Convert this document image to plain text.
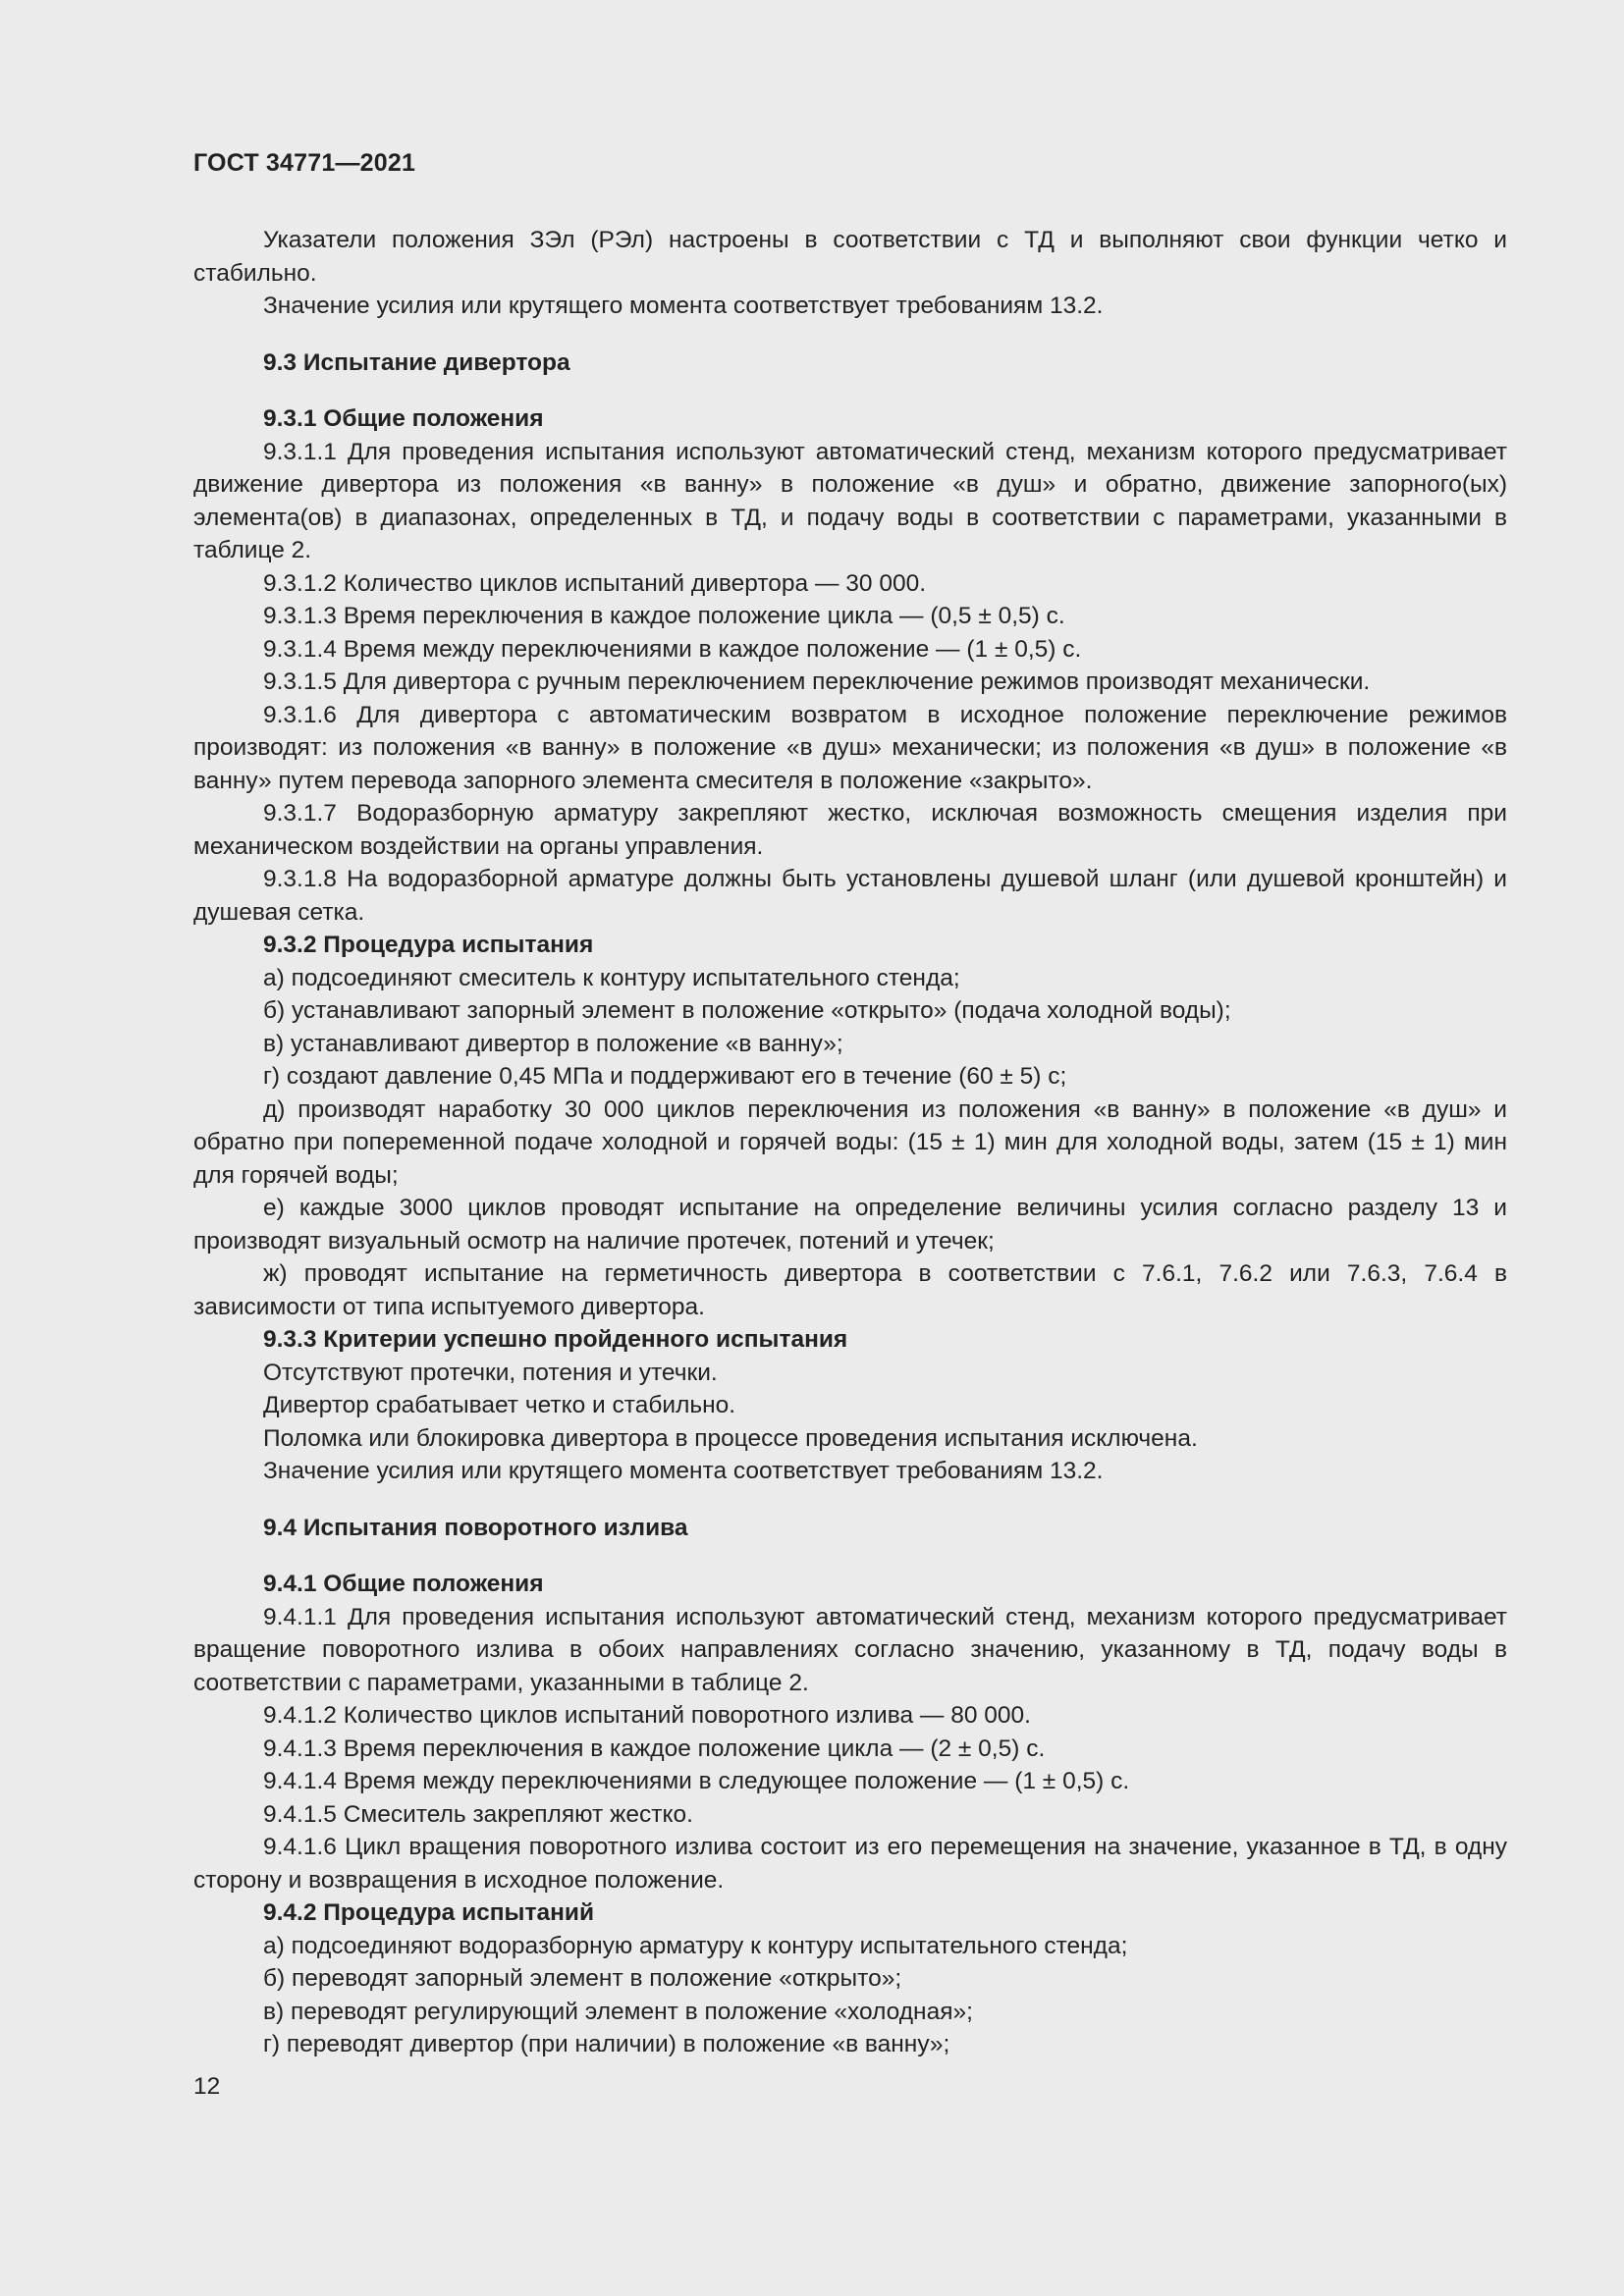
ГОСТ 34771—2021

Указатели положения ЗЭл (РЭл) настроены в соответствии с ТД и выполняют свои функции четко и стабильно.

Значение усилия или крутящего момента соответствует требованиям 13.2.

9.3 Испытание дивертора

9.3.1 Общие положения

9.3.1.1 Для проведения испытания используют автоматический стенд, механизм которого предусматривает движение дивертора из положения «в ванну» в положение «в душ» и обратно, движение запорного(ых) элемента(ов) в диапазонах, определенных в ТД, и подачу воды в соответствии с параметрами, указанными в таблице 2.

9.3.1.2 Количество циклов испытаний дивертора — 30 000.

9.3.1.3 Время переключения в каждое положение цикла — (0,5 ± 0,5) с.

9.3.1.4 Время между переключениями в каждое положение — (1 ± 0,5) с.

9.3.1.5 Для дивертора с ручным переключением переключение режимов производят механически.

9.3.1.6 Для дивертора с автоматическим возвратом в исходное положение переключение режимов производят: из положения «в ванну» в положение «в душ» механически; из положения «в душ» в положение «в ванну» путем перевода запорного элемента смесителя в положение «закрыто».

9.3.1.7 Водоразборную арматуру закрепляют жестко, исключая возможность смещения изделия при механическом воздействии на органы управления.

9.3.1.8 На водоразборной арматуре должны быть установлены душевой шланг (или душевой кронштейн) и душевая сетка.

9.3.2 Процедура испытания

а) подсоединяют смеситель к контуру испытательного стенда;

б) устанавливают запорный элемент в положение «открыто» (подача холодной воды);

в) устанавливают дивертор в положение «в ванну»;

г) создают давление 0,45 МПа и поддерживают его в течение (60 ± 5) с;

д) производят наработку 30 000 циклов переключения из положения «в ванну» в положение «в душ» и обратно при попеременной подаче холодной и горячей воды: (15 ± 1) мин для холодной воды, затем (15 ± 1) мин для горячей воды;

е) каждые 3000 циклов проводят испытание на определение величины усилия согласно разделу 13 и производят визуальный осмотр на наличие протечек, потений и утечек;

ж) проводят испытание на герметичность дивертора в соответствии с 7.6.1, 7.6.2 или 7.6.3, 7.6.4 в зависимости от типа испытуемого дивертора.

9.3.3 Критерии успешно пройденного испытания

Отсутствуют протечки, потения и утечки.

Дивертор срабатывает четко и стабильно.

Поломка или блокировка дивертора в процессе проведения испытания исключена.

Значение усилия или крутящего момента соответствует требованиям 13.2.

9.4 Испытания поворотного излива

9.4.1 Общие положения

9.4.1.1 Для проведения испытания используют автоматический стенд, механизм которого предусматривает вращение поворотного излива в обоих направлениях согласно значению, указанному в ТД, подачу воды в соответствии с параметрами, указанными в таблице 2.

9.4.1.2 Количество циклов испытаний поворотного излива — 80 000.

9.4.1.3 Время переключения в каждое положение цикла — (2 ± 0,5) с.

9.4.1.4 Время между переключениями в следующее положение — (1 ± 0,5) с.

9.4.1.5 Смеситель закрепляют жестко.

9.4.1.6 Цикл вращения поворотного излива состоит из его перемещения на значение, указанное в ТД, в одну сторону и возвращения в исходное положение.

9.4.2 Процедура испытаний

а) подсоединяют водоразборную арматуру к контуру испытательного стенда;

б) переводят запорный элемент в положение «открыто»;

в) переводят регулирующий элемент в положение «холодная»;

г) переводят дивертор (при наличии) в положение «в ванну»;

12
